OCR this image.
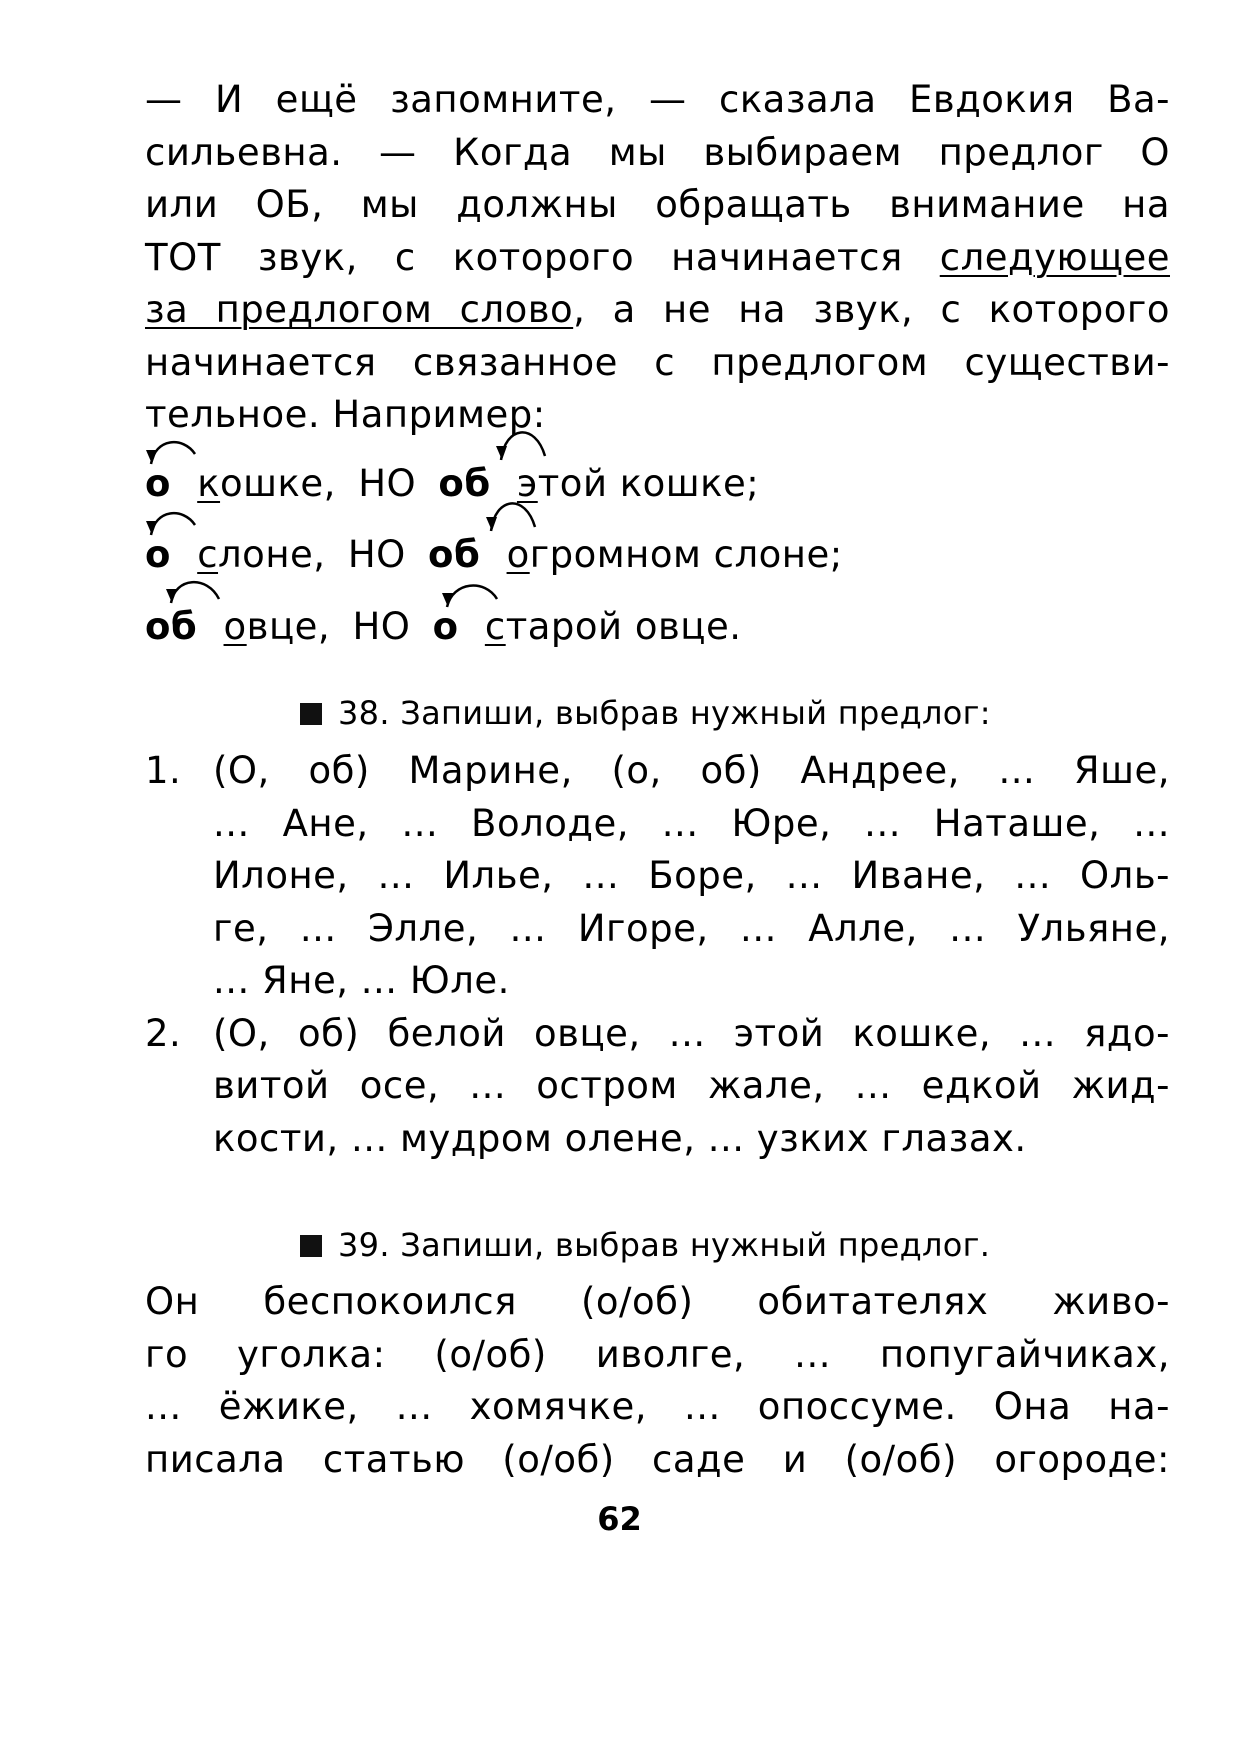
— И ещё запомните, — сказала Евдокия Ва-
сильевна. — Когда мы выбираем предлог О
или ОБ, мы должны обращать внимание на
ТОТ звук, с которого начинается следующее
за предлогом слово, а не на звук, с которого
начинается связанное с предлогом существи-
тельное. Например:
о кошке, НО об этой кошке;
о слоне, НО об огромном слоне;
об овце, НО о старой овце.
38. Запиши, выбрав нужный предлог:
1. (О, об) Марине, (о, об) Андрее, ... Яше,
... Ане, ... Володе, ... Юре, ... Наташе, ...
Илоне, ... Илье, ... Боре, ... Иване, ... Оль-
ге, ... Элле, ... Игоре, ... Алле, ... Ульяне,
... Яне, ... Юле.
2. (О, об) белой овце, ... этой кошке, ... ядо-
витой осе, ... остром жале, ... едкой жид-
кости, ... мудром олене, ... узких глазах.
39. Запиши, выбрав нужный предлог.
Он беспокоился (о/об) обитателях живо-
го уголка: (о/об) иволге, ... попугайчиках,
... ёжике, ... хомячке, ... опоссуме. Она на-
писала статью (о/об) саде и (о/об) огороде:
62
